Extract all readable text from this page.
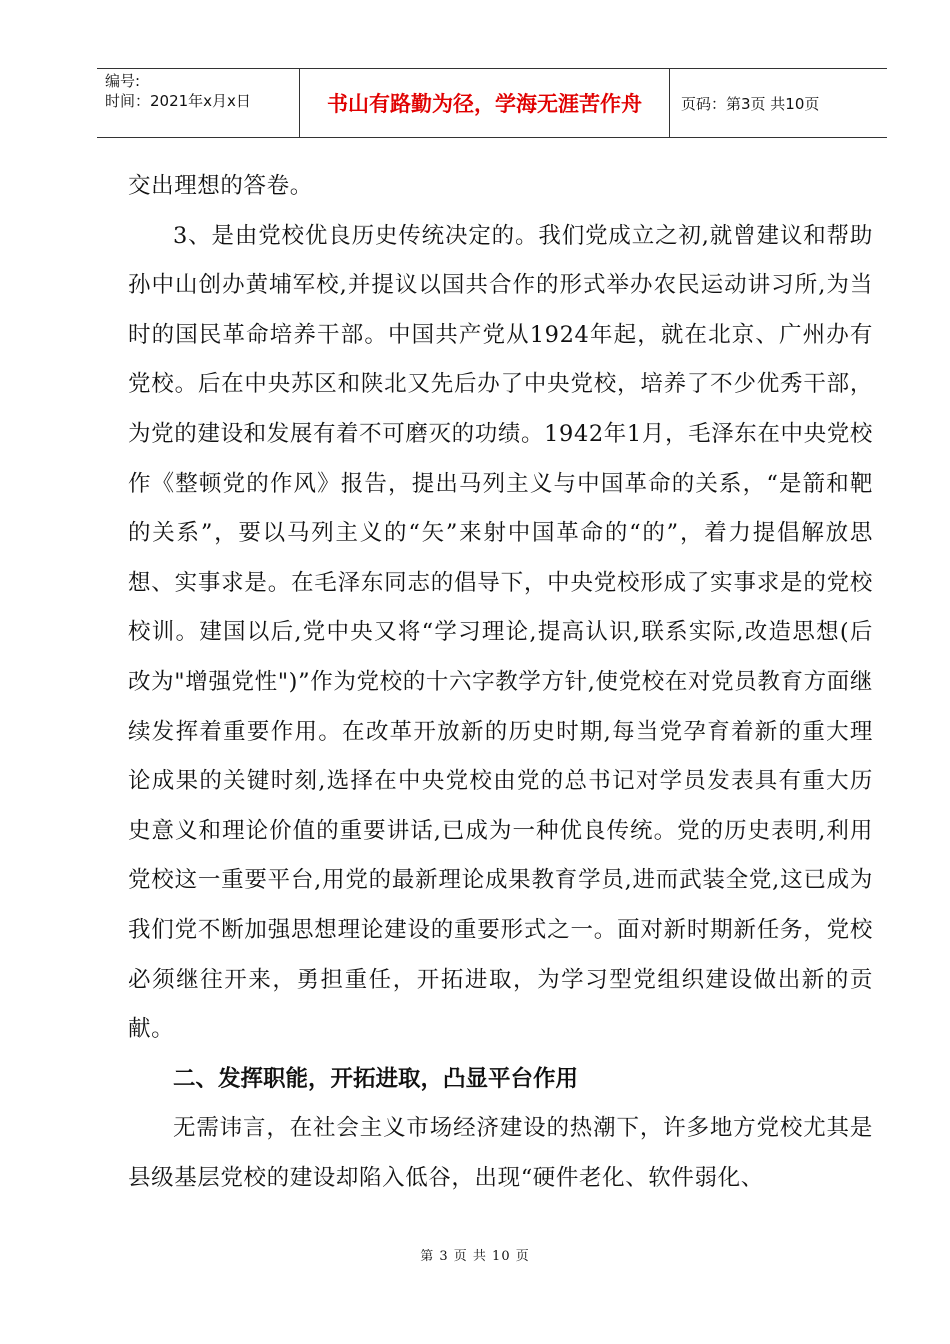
编号:
时间：2021年x月x日	书山有路勤为径，学海无涯苦作舟	页码：第3页 共10页

交出理想的答卷。

3、是由党校优良历史传统决定的。我们党成立之初,就曾建议和帮助孙中山创办黄埔军校,并提议以国共合作的形式举办农民运动讲习所,为当时的国民革命培养干部。中国共产党从1924年起，就在北京、广州办有党校。后在中央苏区和陕北又先后办了中央党校，培养了不少优秀干部，为党的建设和发展有着不可磨灭的功绩。1942年1月，毛泽东在中央党校作《整顿党的作风》报告，提出马列主义与中国革命的关系，“是箭和靶的关系”，要以马列主义的“矢”来射中国革命的“的”，着力提倡解放思想、实事求是。在毛泽东同志的倡导下，中央党校形成了实事求是的党校校训。建国以后,党中央又将“学习理论,提高认识,联系实际,改造思想(后改为"增强党性")”作为党校的十六字教学方针,使党校在对党员教育方面继续发挥着重要作用。在改革开放新的历史时期,每当党孕育着新的重大理论成果的关键时刻,选择在中央党校由党的总书记对学员发表具有重大历史意义和理论价值的重要讲话,已成为一种优良传统。党的历史表明,利用党校这一重要平台,用党的最新理论成果教育学员,进而武装全党,这已成为我们党不断加强思想理论建设的重要形式之一。面对新时期新任务，党校必须继往开来，勇担重任，开拓进取，为学习型党组织建设做出新的贡献。

二、发挥职能，开拓进取，凸显平台作用

无需讳言，在社会主义市场经济建设的热潮下，许多地方党校尤其是县级基层党校的建设却陷入低谷，出现“硬件老化、软件弱化、

第 3 页 共 10 页
